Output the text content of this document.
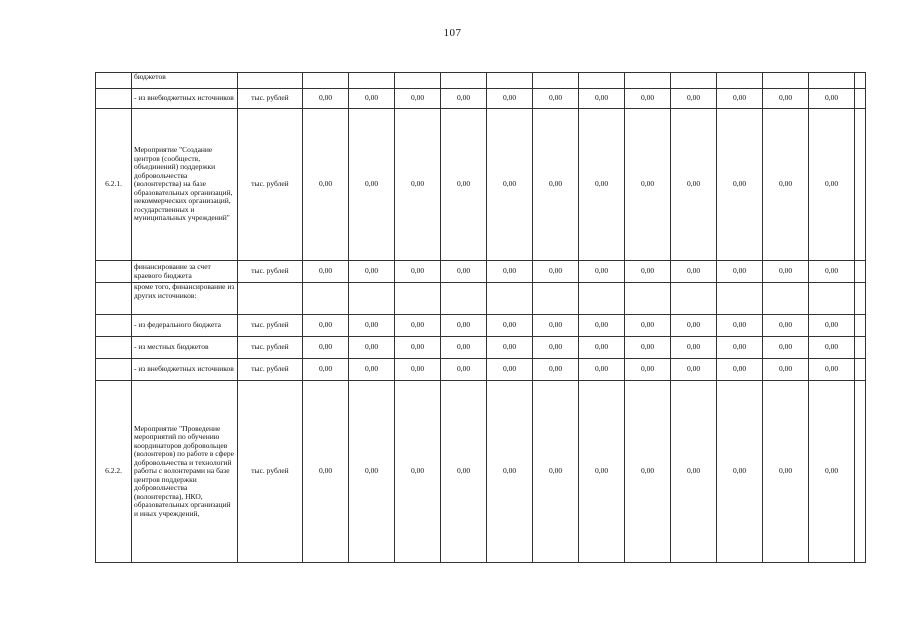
107
	бюджетов														
	- из внебюджетных источников	тыс. рублей	0,00	0,00	0,00	0,00	0,00	0,00	0,00	0,00	0,00	0,00	0,00	0,00	
6.2.1.	Мероприятие "Создание центров (сообществ, объединений) поддержки добровольчества (волонтерства) на базе образовательных организаций, некоммерческих организаций, государственных и муниципальных учреждений"	тыс. рублей	0,00	0,00	0,00	0,00	0,00	0,00	0,00	0,00	0,00	0,00	0,00	0,00	
	финансирование за счет краевого бюджета	тыс. рублей	0,00	0,00	0,00	0,00	0,00	0,00	0,00	0,00	0,00	0,00	0,00	0,00	
	кроме того, финансирование из других источников:														
	- из федерального бюджета	тыс. рублей	0,00	0,00	0,00	0,00	0,00	0,00	0,00	0,00	0,00	0,00	0,00	0,00	
	- из местных бюджетов	тыс. рублей	0,00	0,00	0,00	0,00	0,00	0,00	0,00	0,00	0,00	0,00	0,00	0,00	
	- из внебюджетных источников	тыс. рублей	0,00	0,00	0,00	0,00	0,00	0,00	0,00	0,00	0,00	0,00	0,00	0,00	
6.2.2.	Мероприятие "Проведение мероприятий по обучению координаторов добровольцев (волонтеров) по работе в сфере добровольчества и технологий работы с волонтерами на базе центров поддержки добровольчества (волонтерства), НКО, образовательных организаций и иных учреждений,	тыс. рублей	0,00	0,00	0,00	0,00	0,00	0,00	0,00	0,00	0,00	0,00	0,00	0,00	
